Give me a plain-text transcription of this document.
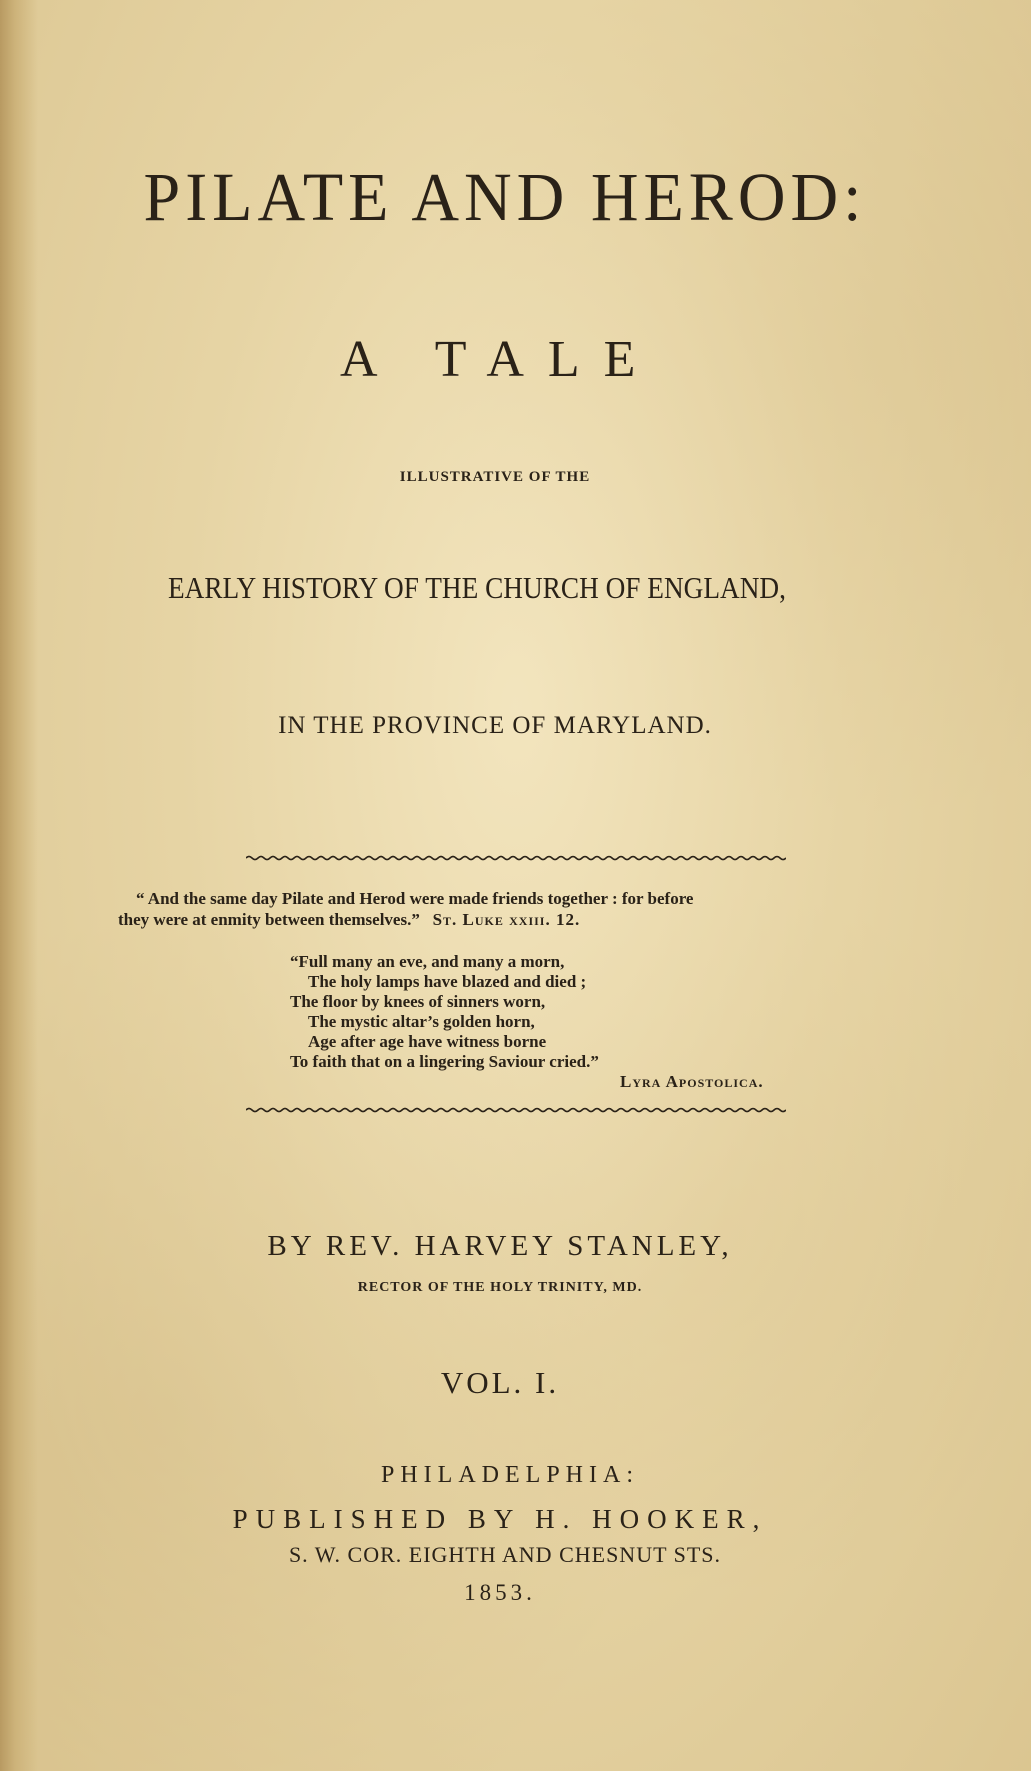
PILATE AND HEROD:
A TALE
ILLUSTRATIVE OF THE
EARLY HISTORY OF THE CHURCH OF ENGLAND,
IN THE PROVINCE OF MARYLAND.
“ And the same day Pilate and Herod were made friends together : for before
they were at enmity between themselves.” St. Luke xxiii. 12.
“Full many an eve, and many a morn,
The holy lamps have blazed and died ;
The floor by knees of sinners worn,
The mystic altar’s golden horn,
Age after age have witness borne
To faith that on a lingering Saviour cried.”
Lyra Apostolica.
BY REV. HARVEY STANLEY,
RECTOR OF THE HOLY TRINITY, MD.
VOL. I.
PHILADELPHIA:
PUBLISHED BY H. HOOKER,
S. W. COR. EIGHTH AND CHESNUT STS.
1853.
